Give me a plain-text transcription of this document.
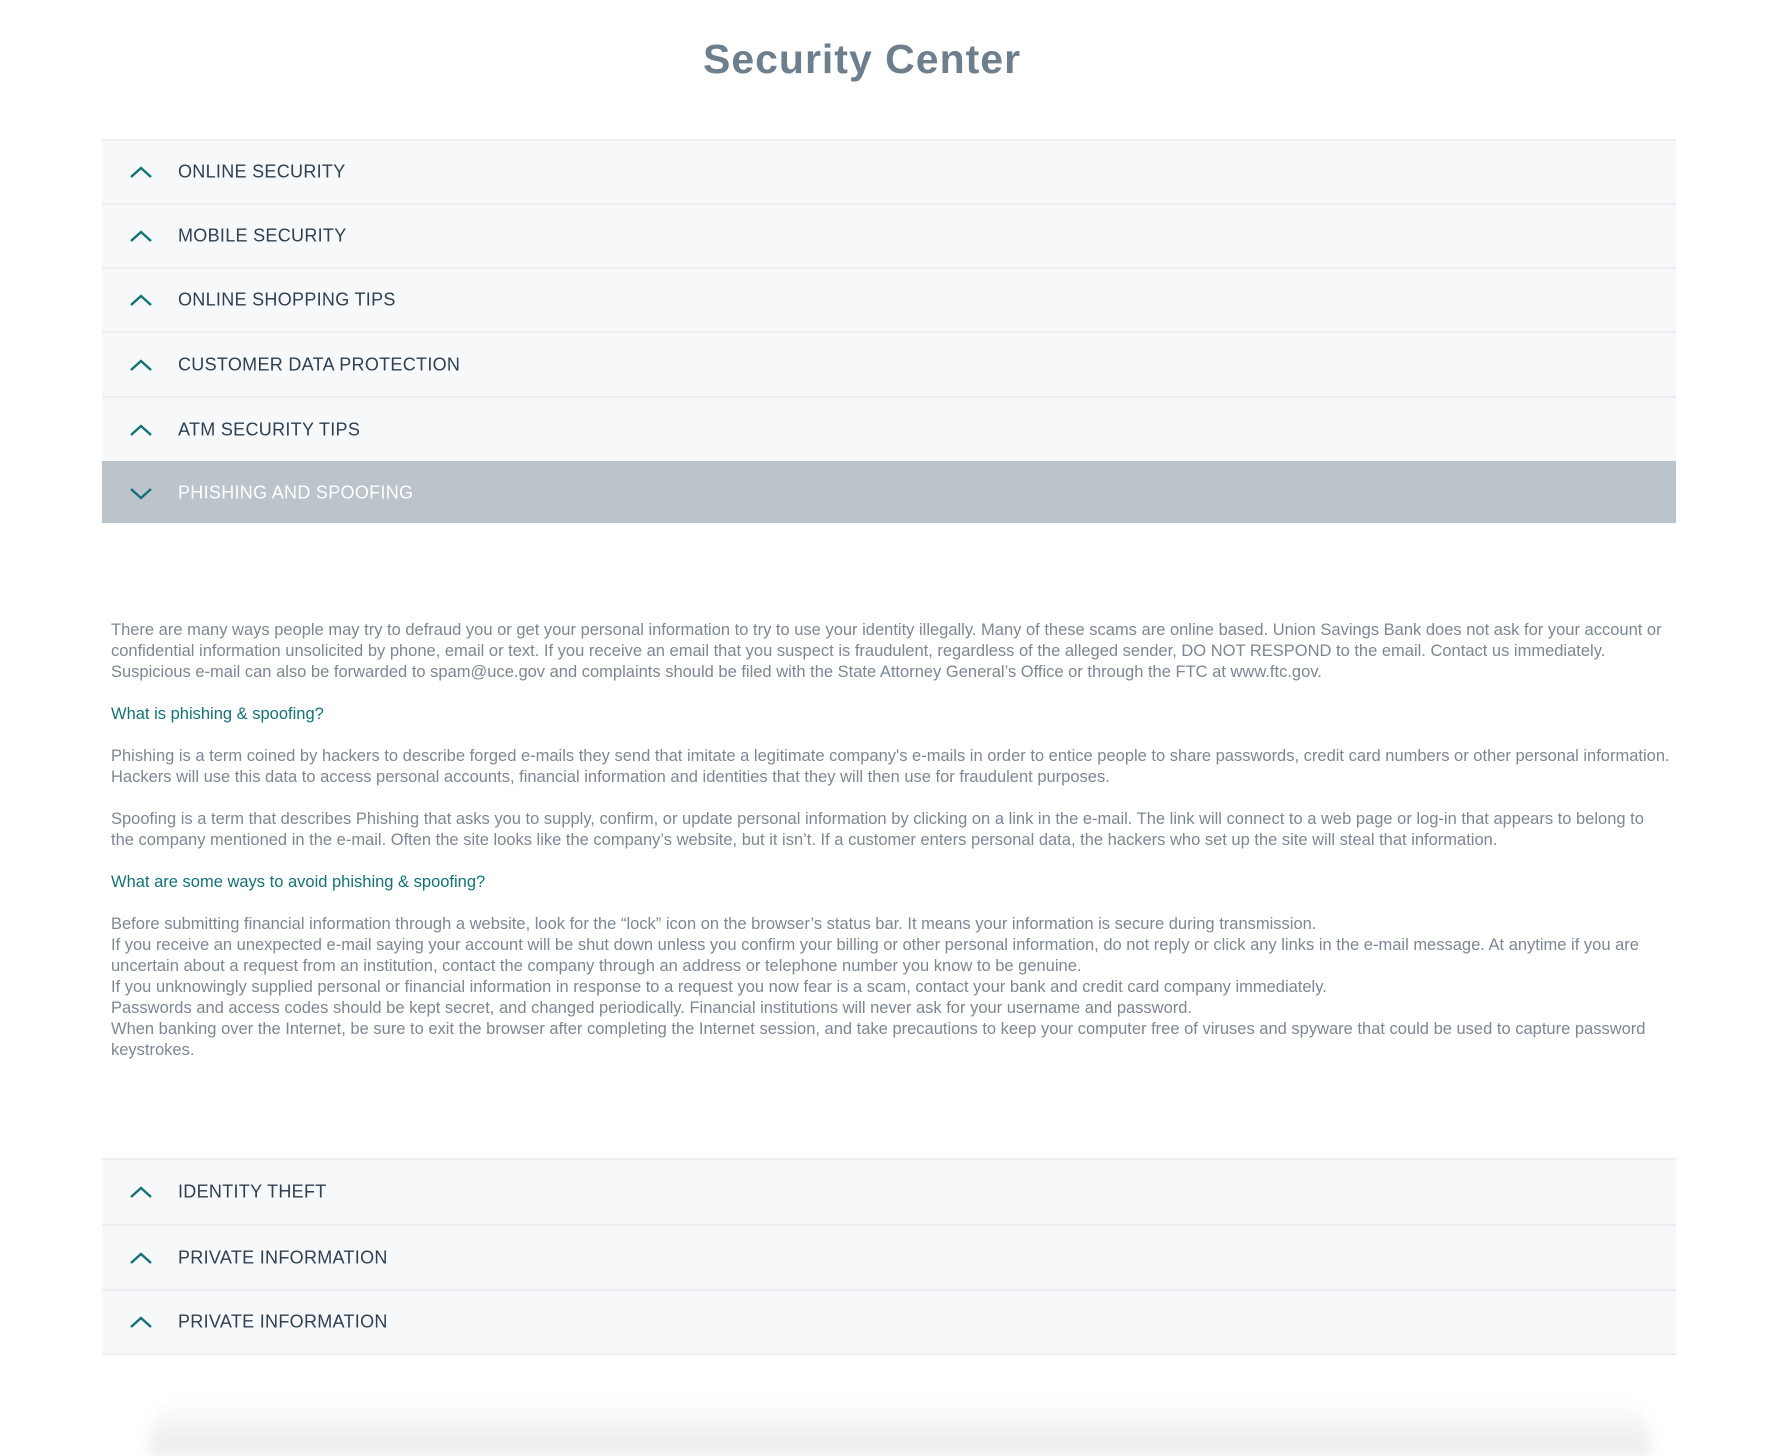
Security Center
ONLINE SECURITY
MOBILE SECURITY
ONLINE SHOPPING TIPS
CUSTOMER DATA PROTECTION
ATM SECURITY TIPS
PHISHING AND SPOOFING

There are many ways people may try to defraud you or get your personal information to try to use your identity illegally. Many of these scams are online based. Union Savings Bank does not ask for your account or confidential information unsolicited by phone, email or text. If you receive an email that you suspect is fraudulent, regardless of the alleged sender, DO NOT RESPOND to the email. Contact us immediately. Suspicious e-mail can also be forwarded to spam@uce.gov and complaints should be filed with the State Attorney General’s Office or through the FTC at www.ftc.gov.

What is phishing & spoofing?

Phishing is a term coined by hackers to describe forged e-mails they send that imitate a legitimate company's e-mails in order to entice people to share passwords, credit card numbers or other personal information. Hackers will use this data to access personal accounts, financial information and identities that they will then use for fraudulent purposes.

Spoofing is a term that describes Phishing that asks you to supply, confirm, or update personal information by clicking on a link in the e-mail. The link will connect to a web page or log-in that appears to belong to the company mentioned in the e-mail. Often the site looks like the company’s website, but it isn’t. If a customer enters personal data, the hackers who set up the site will steal that information.

What are some ways to avoid phishing & spoofing?

Before submitting financial information through a website, look for the “lock” icon on the browser’s status bar. It means your information is secure during transmission.

If you receive an unexpected e-mail saying your account will be shut down unless you confirm your billing or other personal information, do not reply or click any links in the e-mail message. At anytime if you are uncertain about a request from an institution, contact the company through an address or telephone number you know to be genuine.

If you unknowingly supplied personal or financial information in response to a request you now fear is a scam, contact your bank and credit card company immediately.

Passwords and access codes should be kept secret, and changed periodically. Financial institutions will never ask for your username and password.

When banking over the Internet, be sure to exit the browser after completing the Internet session, and take precautions to keep your computer free of viruses and spyware that could be used to capture password keystrokes.

IDENTITY THEFT
PRIVATE INFORMATION
PRIVATE INFORMATION
